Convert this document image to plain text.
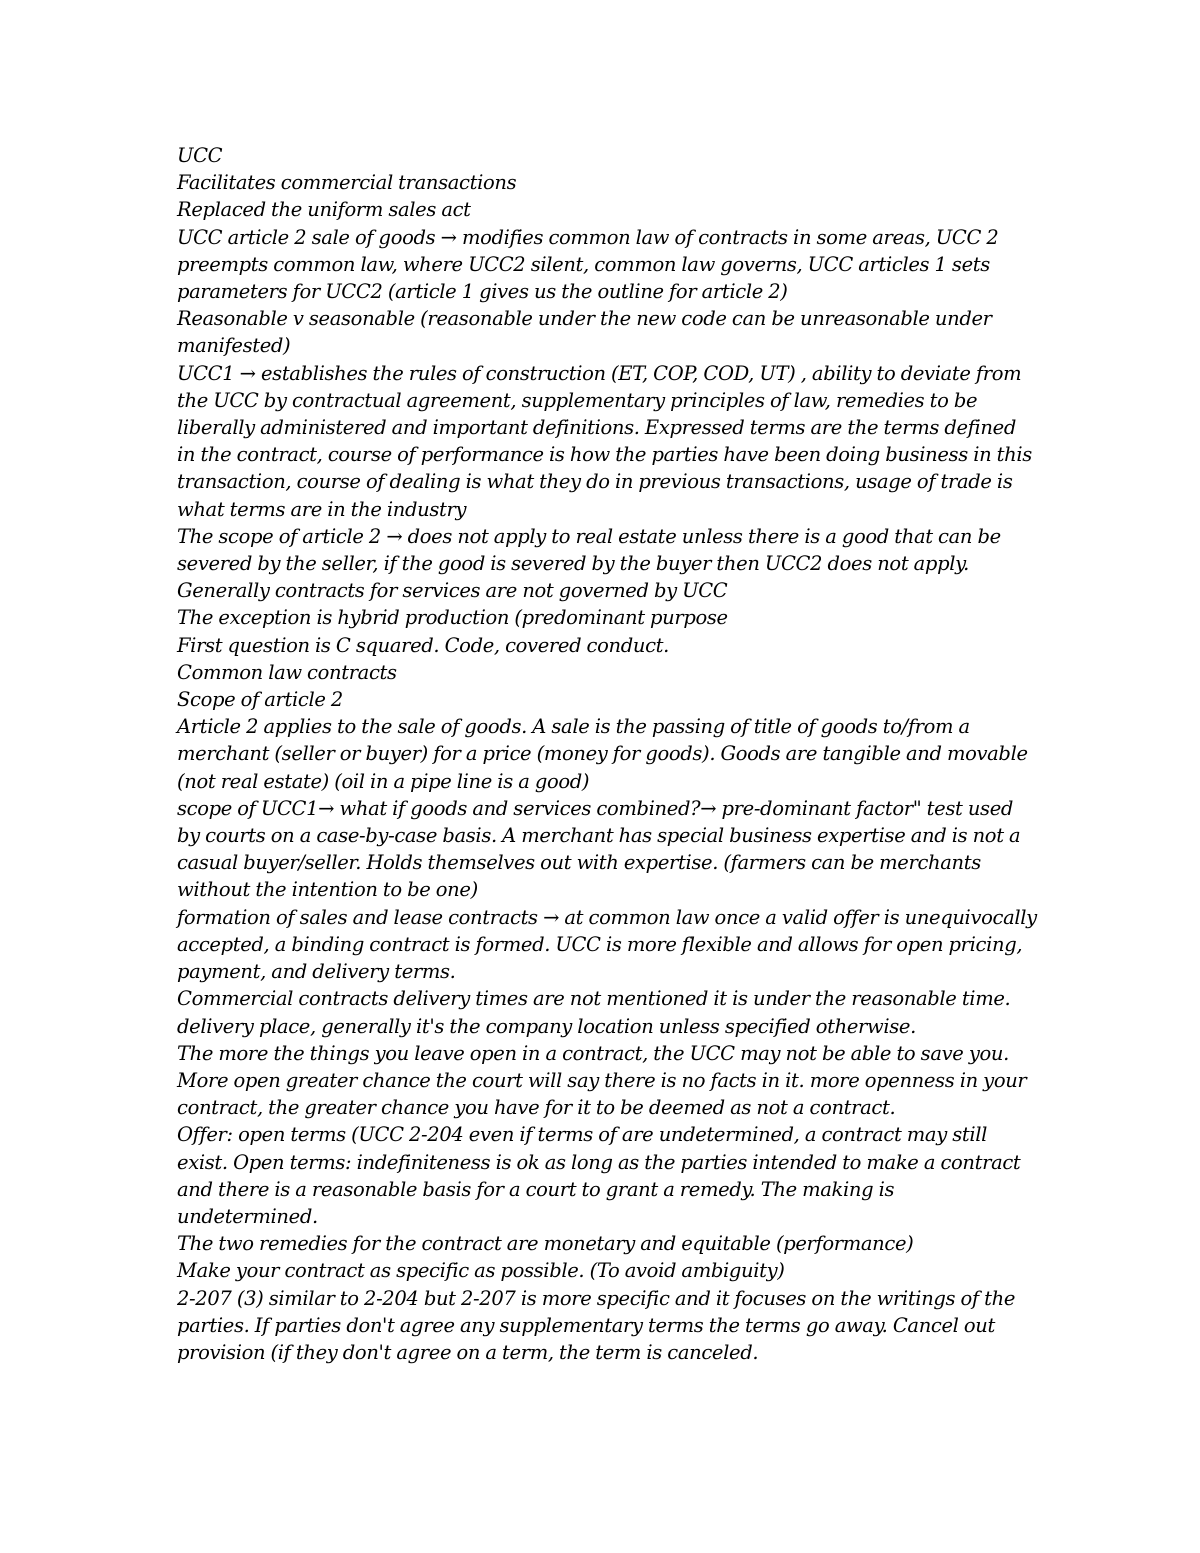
UCC

Facilitates commercial transactions

Replaced the uniform sales act

UCC article 2 sale of goods → modifies common law of contracts in some areas, UCC 2 preempts common law, where UCC2 silent, common law governs, UCC articles 1 sets parameters for UCC2 (article 1 gives us the outline for article 2)

Reasonable v seasonable (reasonable under the new code can be unreasonable under manifested)

UCC1 → establishes the rules of construction (ET, COP, COD, UT) , ability to deviate from the UCC by contractual agreement, supplementary principles of law, remedies to be liberally administered and important definitions. Expressed terms are the terms defined in the contract, course of performance is how the parties have been doing business in this transaction, course of dealing is what they do in previous transactions, usage of trade is what terms are in the industry

The scope of article 2 → does not apply to real estate unless there is a good that can be severed by the seller, if the good is severed by the buyer then UCC2 does not apply.

Generally contracts for services are not governed by UCC

The exception is hybrid production (predominant purpose

First question is C squared. Code, covered conduct.

Common law contracts

Scope of article 2

Article 2 applies to the sale of goods. A sale is the passing of title of goods to/from a merchant (seller or buyer) for a price (money for goods). Goods are tangible and movable (not real estate) (oil in a pipe line is a good)

scope of UCC1→ what if goods and services combined?→ pre-dominant factor" test used by courts on a case-by-case basis. A merchant has special business expertise and is not a casual buyer/seller. Holds themselves out with expertise. (farmers can be merchants without the intention to be one)

formation of sales and lease contracts → at common law once a valid offer is unequivocally accepted, a binding contract is formed. UCC is more flexible and allows for open pricing, payment, and delivery terms.

Commercial contracts delivery times are not mentioned it is under the reasonable time. delivery place, generally it's the company location unless specified otherwise.

The more the things you leave open in a contract, the UCC may not be able to save you. More open greater chance the court will say there is no facts in it. more openness in your contract, the greater chance you have for it to be deemed as not a contract.

Offer: open terms (UCC 2-204 even if terms of are undetermined, a contract may still exist. Open terms: indefiniteness is ok as long as the parties intended to make a contract and there is a reasonable basis for a court to grant a remedy. The making is undetermined.

The two remedies for the contract are monetary and equitable (performance)

Make your contract as specific as possible. (To avoid ambiguity)

2-207 (3) similar to 2-204 but 2-207 is more specific and it focuses on the writings of the parties. If parties don't agree any supplementary terms the terms go away. Cancel out provision (if they don't agree on a term, the term is canceled.
